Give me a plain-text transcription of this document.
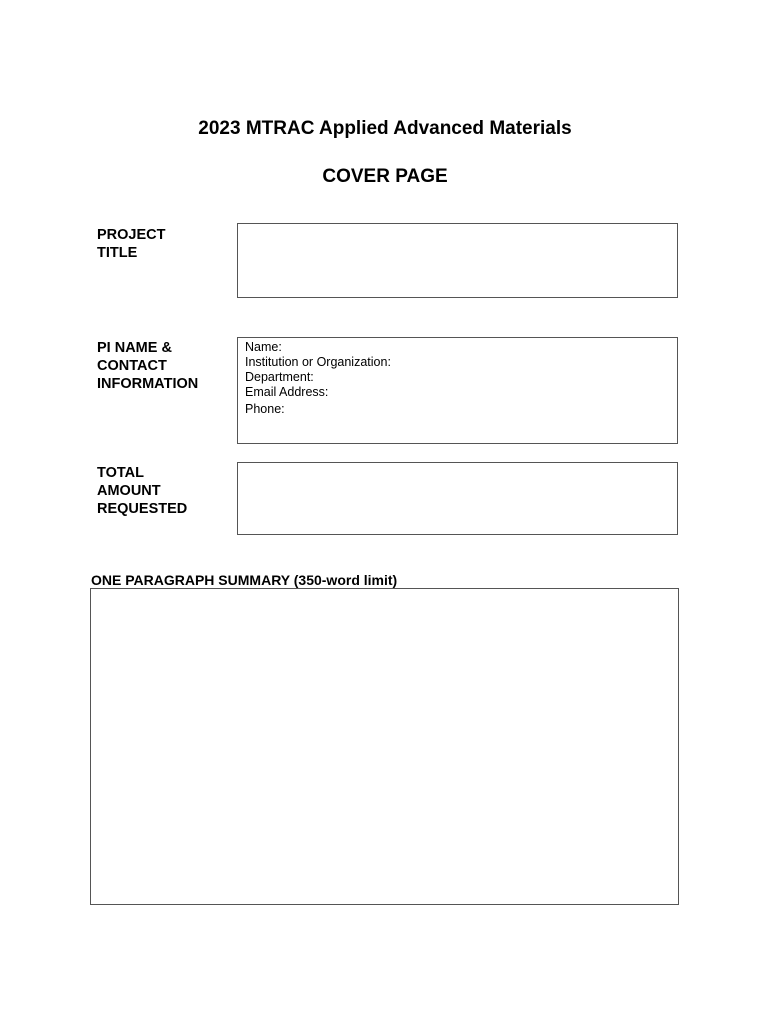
2023 MTRAC Applied Advanced Materials
COVER PAGE
PROJECT
TITLE
PI NAME &
CONTACT
INFORMATION
Name:
Institution or Organization:
Department:
Email Address:
Phone:
TOTAL
AMOUNT
REQUESTED
ONE PARAGRAPH SUMMARY (350-word limit)
